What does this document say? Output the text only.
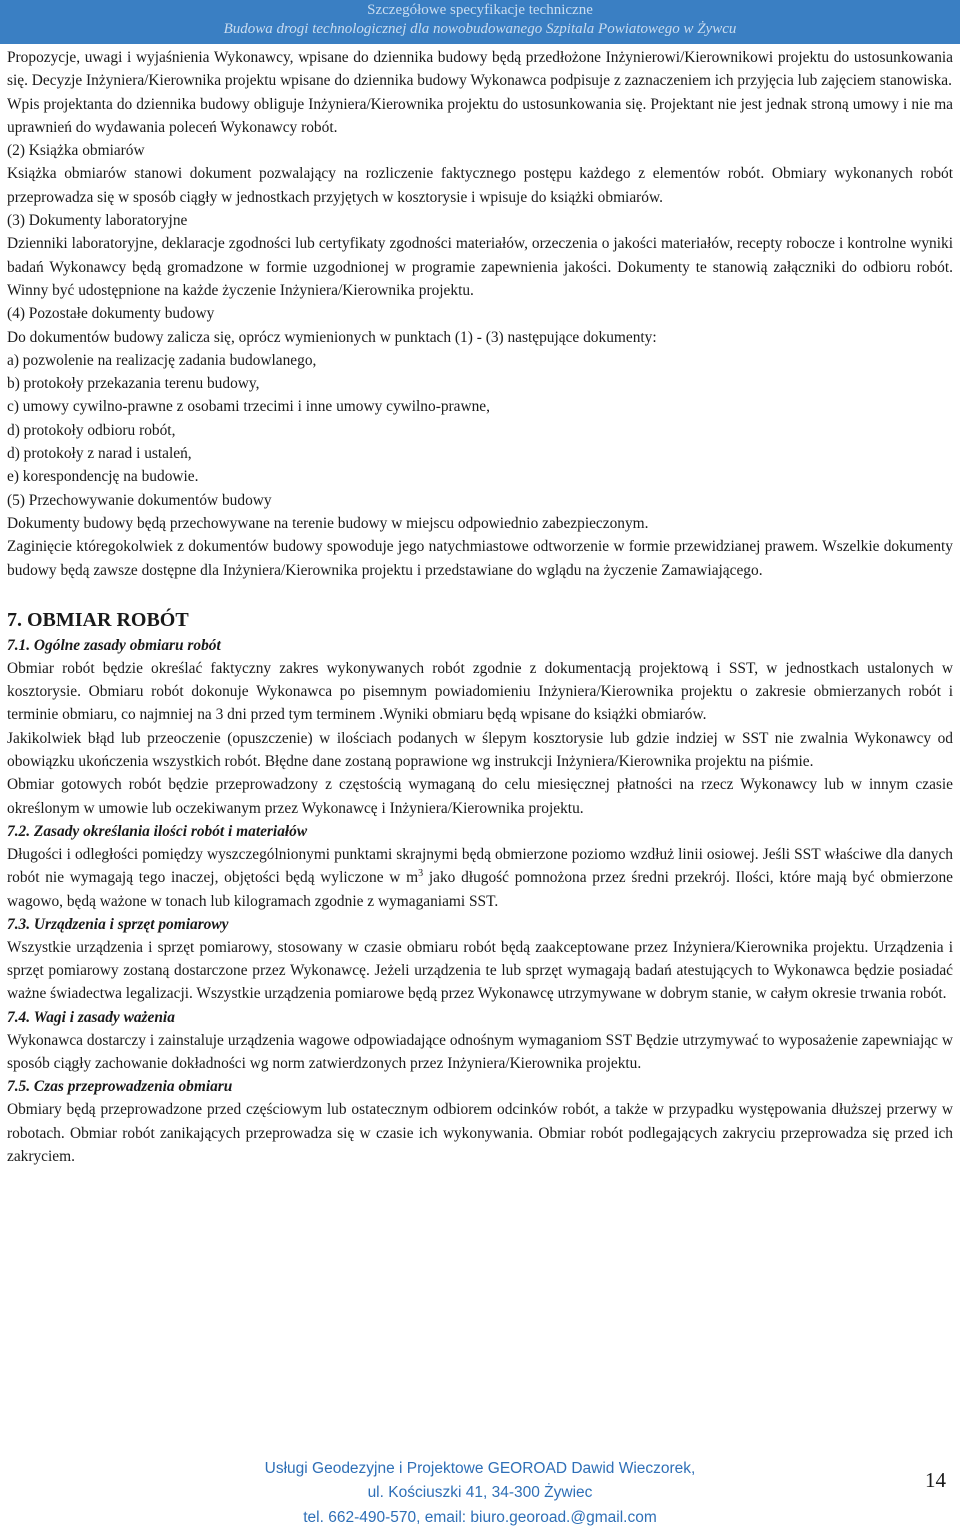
Szczegółowe specyfikacje techniczne
Budowa drogi technologicznej dla nowobudowanego Szpitala Powiatowego w Żywcu

Propozycje, uwagi i wyjaśnienia Wykonawcy, wpisane do dziennika budowy będą przedłożone Inżynierowi/Kierownikowi projektu do ustosunkowania się. Decyzje Inżyniera/Kierownika projektu wpisane do dziennika budowy Wykonawca podpisuje z zaznaczeniem ich przyjęcia lub zajęciem stanowiska.

Wpis projektanta do dziennika budowy obliguje Inżyniera/Kierownika projektu do ustosunkowania się. Projektant nie jest jednak stroną umowy i nie ma uprawnień do wydawania poleceń Wykonawcy robót.

(2) Książka obmiarów

Książka obmiarów stanowi dokument pozwalający na rozliczenie faktycznego postępu każdego z elementów robót. Obmiary wykonanych robót przeprowadza się w sposób ciągły w jednostkach przyjętych w kosztorysie i wpisuje do książki obmiarów.

(3) Dokumenty laboratoryjne

Dzienniki laboratoryjne, deklaracje zgodności lub certyfikaty zgodności materiałów, orzeczenia o jakości materiałów, recepty robocze i kontrolne wyniki badań Wykonawcy będą gromadzone w formie uzgodnionej w programie zapewnienia jakości. Dokumenty te stanowią załączniki do odbioru robót. Winny być udostępnione na każde życzenie Inżyniera/Kierownika projektu.

(4) Pozostałe dokumenty budowy

Do dokumentów budowy zalicza się, oprócz wymienionych w punktach (1) - (3) następujące dokumenty:

a) pozwolenie na realizację zadania budowlanego,
b) protokoły przekazania terenu budowy,
c) umowy cywilno-prawne z osobami trzecimi i inne umowy cywilno-prawne,
d) protokoły odbioru robót,
d) protokoły z narad i ustaleń,
e) korespondencję na budowie.

(5) Przechowywanie dokumentów budowy

Dokumenty budowy będą przechowywane na terenie budowy w miejscu odpowiednio zabezpieczonym.

Zaginięcie któregokolwiek z dokumentów budowy spowoduje jego natychmiastowe odtworzenie w formie przewidzianej prawem. Wszelkie dokumenty budowy będą zawsze dostępne dla Inżyniera/Kierownika projektu i przedstawiane do wglądu na życzenie Zamawiającego.

7. OBMIAR ROBÓT

7.1. Ogólne zasady obmiaru robót

Obmiar robót będzie określać faktyczny zakres wykonywanych robót zgodnie z dokumentacją projektową i SST, w jednostkach ustalonych w kosztorysie. Obmiaru robót dokonuje Wykonawca po pisemnym powiadomieniu Inżyniera/Kierownika projektu o zakresie obmierzanych robót i terminie obmiaru, co najmniej na 3 dni przed tym terminem .Wyniki obmiaru będą wpisane do książki obmiarów.

Jakikolwiek błąd lub przeoczenie (opuszczenie) w ilościach podanych w ślepym kosztorysie lub gdzie indziej w SST nie zwalnia Wykonawcy od obowiązku ukończenia wszystkich robót. Błędne dane zostaną poprawione wg instrukcji Inżyniera/Kierownika projektu na piśmie.

Obmiar gotowych robót będzie przeprowadzony z częstością wymaganą do celu miesięcznej płatności na rzecz Wykonawcy lub w innym czasie określonym w umowie lub oczekiwanym przez Wykonawcę i Inżyniera/Kierownika projektu.

7.2. Zasady określania ilości robót i materiałów

Długości i odległości pomiędzy wyszczególnionymi punktami skrajnymi będą obmierzone poziomo wzdłuż linii osiowej. Jeśli SST właściwe dla danych robót nie wymagają tego inaczej, objętości będą wyliczone w $m^3$ jako długość pomnożona przez średni przekrój. Ilości, które mają być obmierzone wagowo, będą ważone w tonach lub kilogramach zgodnie z wymaganiami SST.

7.3. Urządzenia i sprzęt pomiarowy

Wszystkie urządzenia i sprzęt pomiarowy, stosowany w czasie obmiaru robót będą zaakceptowane przez Inżyniera/Kierownika projektu. Urządzenia i sprzęt pomiarowy zostaną dostarczone przez Wykonawcę. Jeżeli urządzenia te lub sprzęt wymagają badań atestujących to Wykonawca będzie posiadać ważne świadectwa legalizacji. Wszystkie urządzenia pomiarowe będą przez Wykonawcę utrzymywane w dobrym stanie, w całym okresie trwania robót.

7.4. Wagi i zasady ważenia

Wykonawca dostarczy i zainstaluje urządzenia wagowe odpowiadające odnośnym wymaganiom SST Będzie utrzymywać to wyposażenie zapewniając w sposób ciągły zachowanie dokładności wg norm zatwierdzonych przez Inżyniera/Kierownika projektu.

7.5. Czas przeprowadzenia obmiaru

Obmiary będą przeprowadzone przed częściowym lub ostatecznym odbiorem odcinków robót, a także w przypadku występowania dłuższej przerwy w robotach. Obmiar robót zanikających przeprowadza się w czasie ich wykonywania. Obmiar robót podlegających zakryciu przeprowadza się przed ich zakryciem.

Usługi Geodezyjne i Projektowe GEOROAD Dawid Wieczorek,
ul. Kościuszki 41, 34-300 Żywiec
tel. 662-490-570, email: biuro.georoad.@gmail.com
14
